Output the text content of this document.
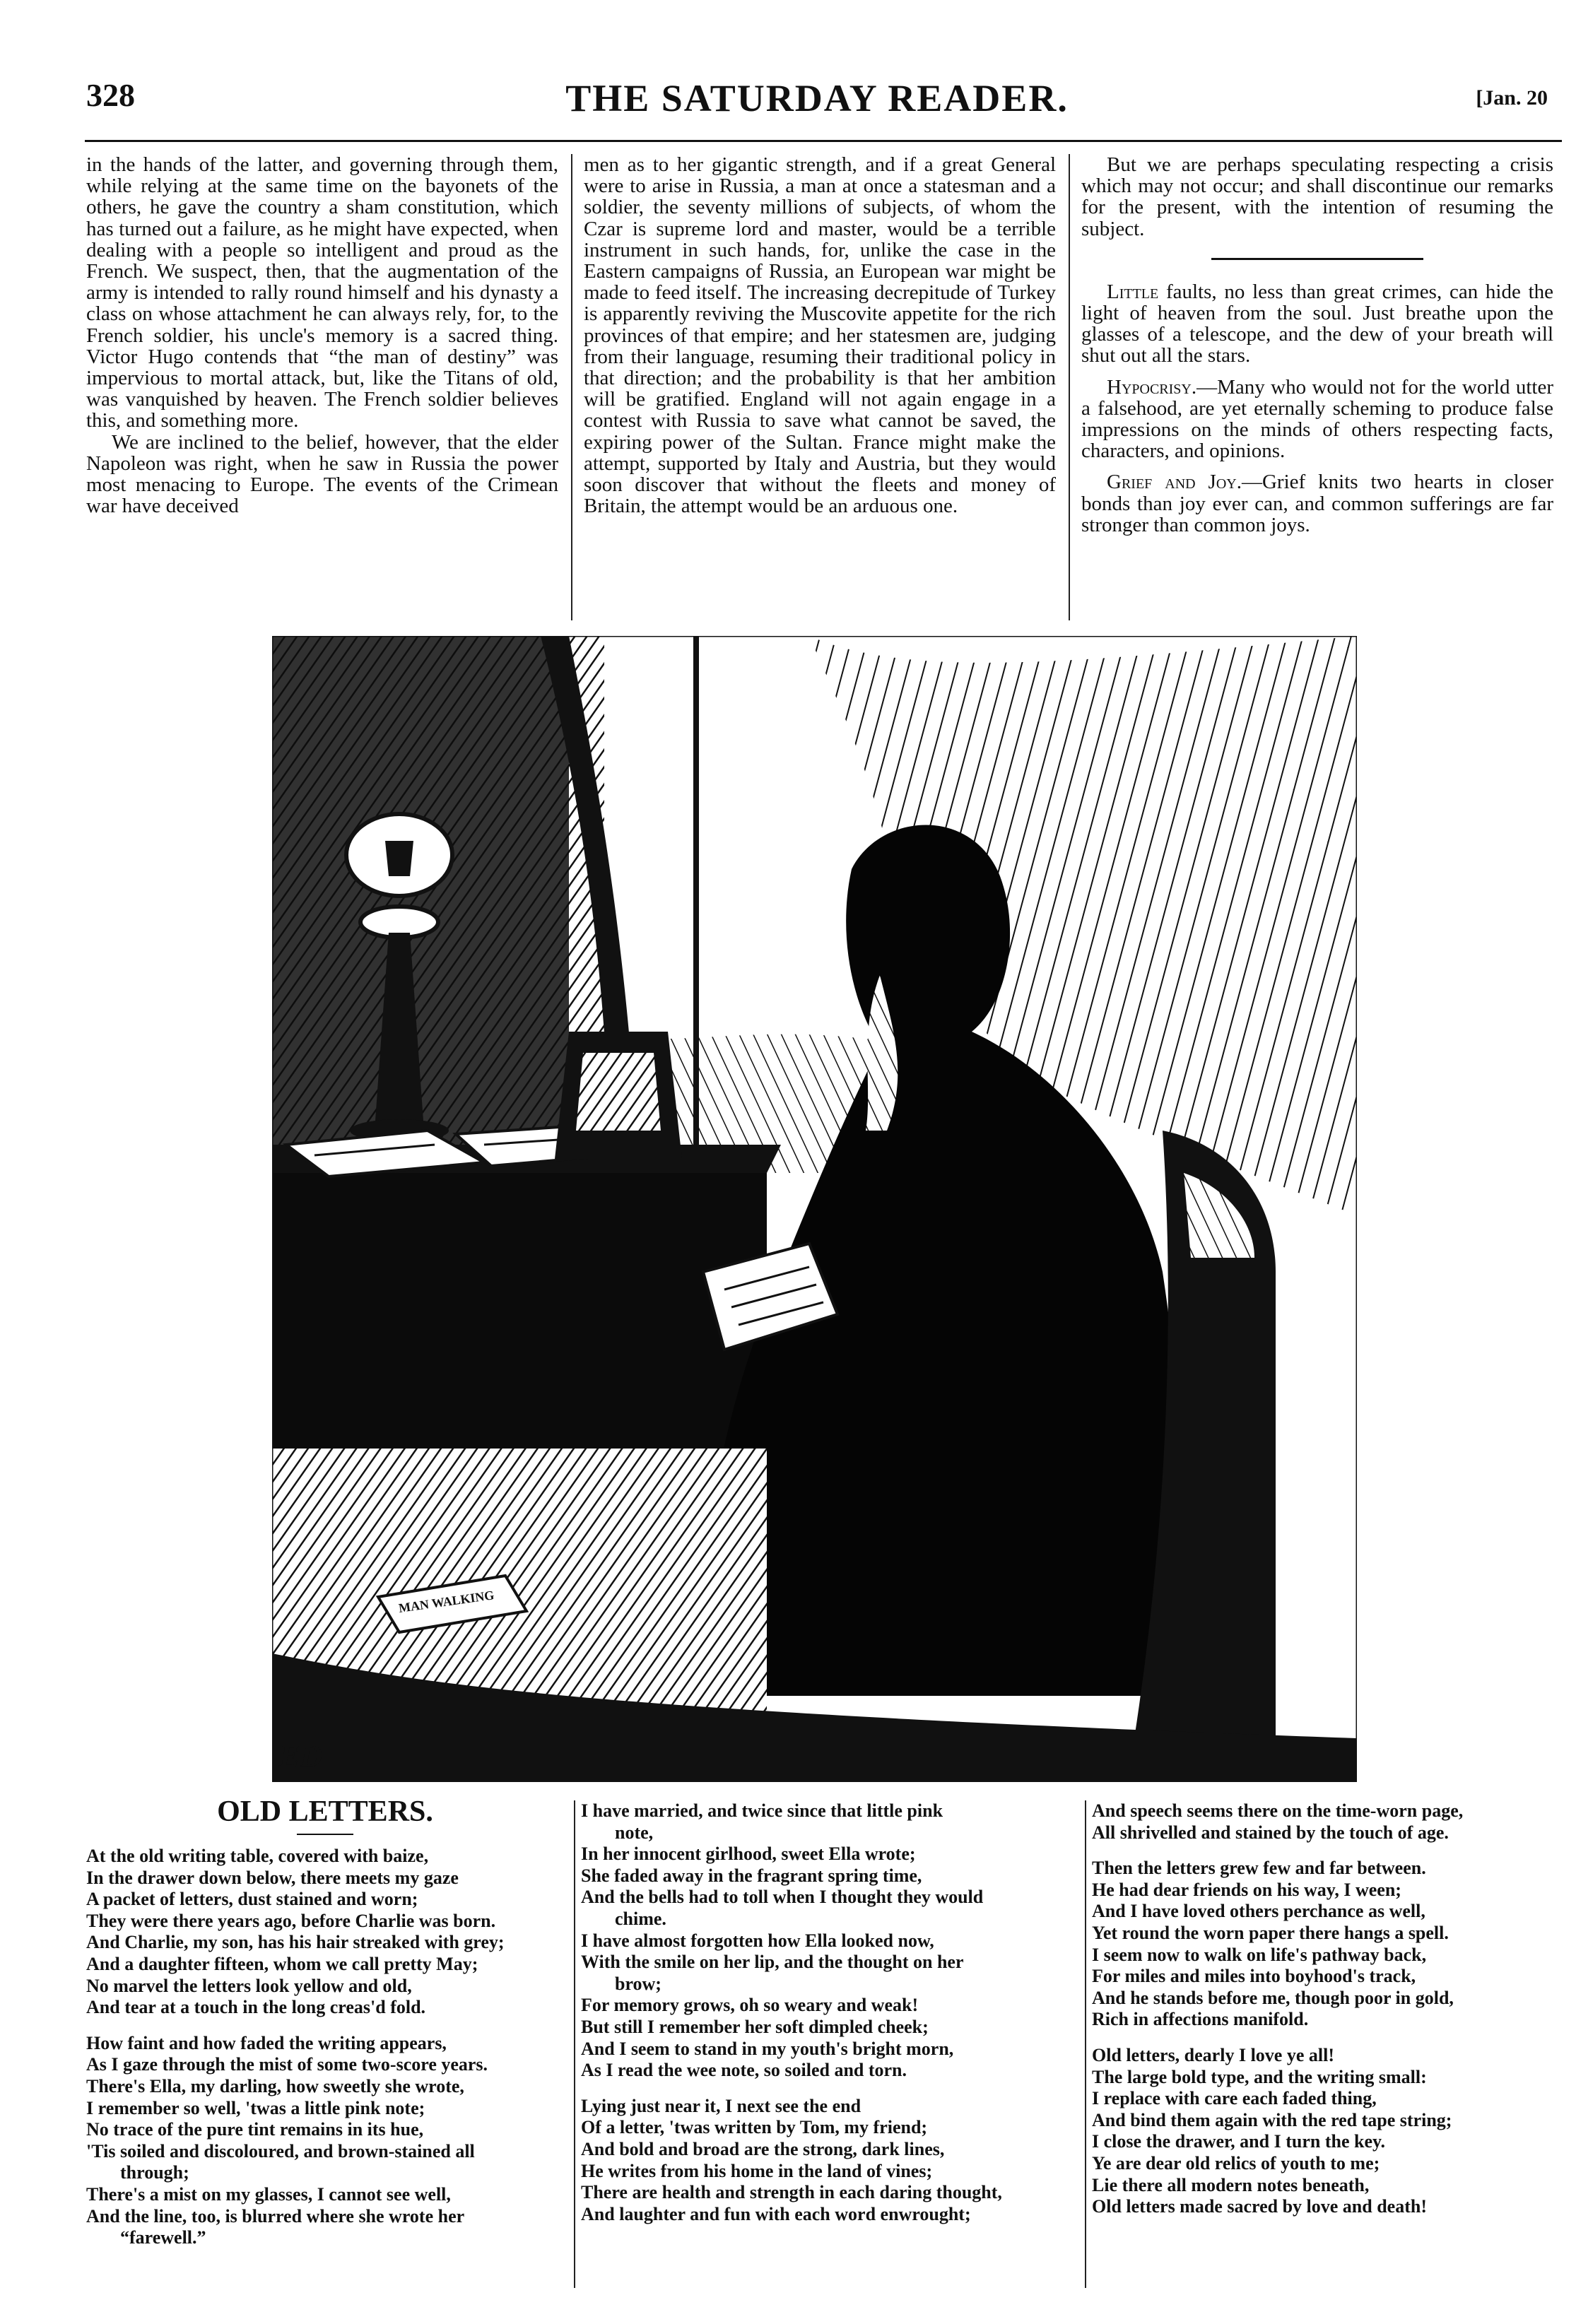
328	THE SATURDAY READER.	[Jan. 20

in the hands of the latter, and governing through them, while relying at the same time on the bayonets of the others, he gave the country a sham constitution, which has turned out a failure, as he might have expected, when dealing with a people so intelligent and proud as the French. We suspect, then, that the augmentation of the army is intended to rally round himself and his dynasty a class on whose attachment he can always rely, for, to the French soldier, his uncle's memory is a sacred thing. Victor Hugo contends that “the man of destiny” was impervious to mortal attack, but, like the Titans of old, was vanquished by heaven. The French soldier believes this, and something more.

We are inclined to the belief, however, that the elder Napoleon was right, when he saw in Russia the power most menacing to Europe. The events of the Crimean war have deceived

men as to her gigantic strength, and if a great General were to arise in Russia, a man at once a statesman and a soldier, the seventy millions of subjects, of whom the Czar is supreme lord and master, would be a terrible instrument in such hands, for, unlike the case in the Eastern campaigns of Russia, an European war might be made to feed itself. The increasing decrepitude of Turkey is apparently reviving the Muscovite appetite for the rich provinces of that empire; and her statesmen are, judging from their language, resuming their traditional policy in that direction; and the probability is that her ambition will be gratified. England will not again engage in a contest with Russia to save what cannot be saved, the expiring power of the Sultan. France might make the attempt, supported by Italy and Austria, but they would soon discover that without the fleets and money of Britain, the attempt would be an arduous one.

But we are perhaps speculating respecting a crisis which may not occur; and shall discontinue our remarks for the present, with the intention of resuming the subject.

Little faults, no less than great crimes, can hide the light of heaven from the soul. Just breathe upon the glasses of a telescope, and the dew of your breath will shut out all the stars.

Hypocrisy.—Many who would not for the world utter a falsehood, are yet eternally scheming to produce false impressions on the minds of others respecting facts, characters, and opinions.

Grief and Joy.—Grief knits two hearts in closer bonds than joy ever can, and common sufferings are far stronger than common joys.

MAN WALKING
ED
OLD LETTERS.
At the old writing table, covered with baize,
In the drawer down below, there meets my gaze
A packet of letters, dust stained and worn;
They were there years ago, before Charlie was born.
And Charlie, my son, has his hair streaked with grey;
And a daughter fifteen, whom we call pretty May;
No marvel the letters look yellow and old,
And tear at a touch in the long creas'd fold.
How faint and how faded the writing appears,
As I gaze through the mist of some two-score years.
There's Ella, my darling, how sweetly she wrote,
I remember so well, 'twas a little pink note;
No trace of the pure tint remains in its hue,
'Tis soiled and discoloured, and brown-stained all
through;
There's a mist on my glasses, I cannot see well,
And the line, too, is blurred where she wrote her
“farewell.”
I have married, and twice since that little pink
note,
In her innocent girlhood, sweet Ella wrote;
She faded away in the fragrant spring time,
And the bells had to toll when I thought they would
chime.
I have almost forgotten how Ella looked now,
With the smile on her lip, and the thought on her
brow;
For memory grows, oh so weary and weak!
But still I remember her soft dimpled cheek;
And I seem to stand in my youth's bright morn,
As I read the wee note, so soiled and torn.
Lying just near it, I next see the end
Of a letter, 'twas written by Tom, my friend;
And bold and broad are the strong, dark lines,
He writes from his home in the land of vines;
There are health and strength in each daring thought,
And laughter and fun with each word enwrought;
And speech seems there on the time-worn page,
All shrivelled and stained by the touch of age.
Then the letters grew few and far between.
He had dear friends on his way, I ween;
And I have loved others perchance as well,
Yet round the worn paper there hangs a spell.
I seem now to walk on life's pathway back,
For miles and miles into boyhood's track,
And he stands before me, though poor in gold,
Rich in affections manifold.
Old letters, dearly I love ye all!
The large bold type, and the writing small:
I replace with care each faded thing,
And bind them again with the red tape string;
I close the drawer, and I turn the key.
Ye are dear old relics of youth to me;
Lie there all modern notes beneath,
Old letters made sacred by love and death!
